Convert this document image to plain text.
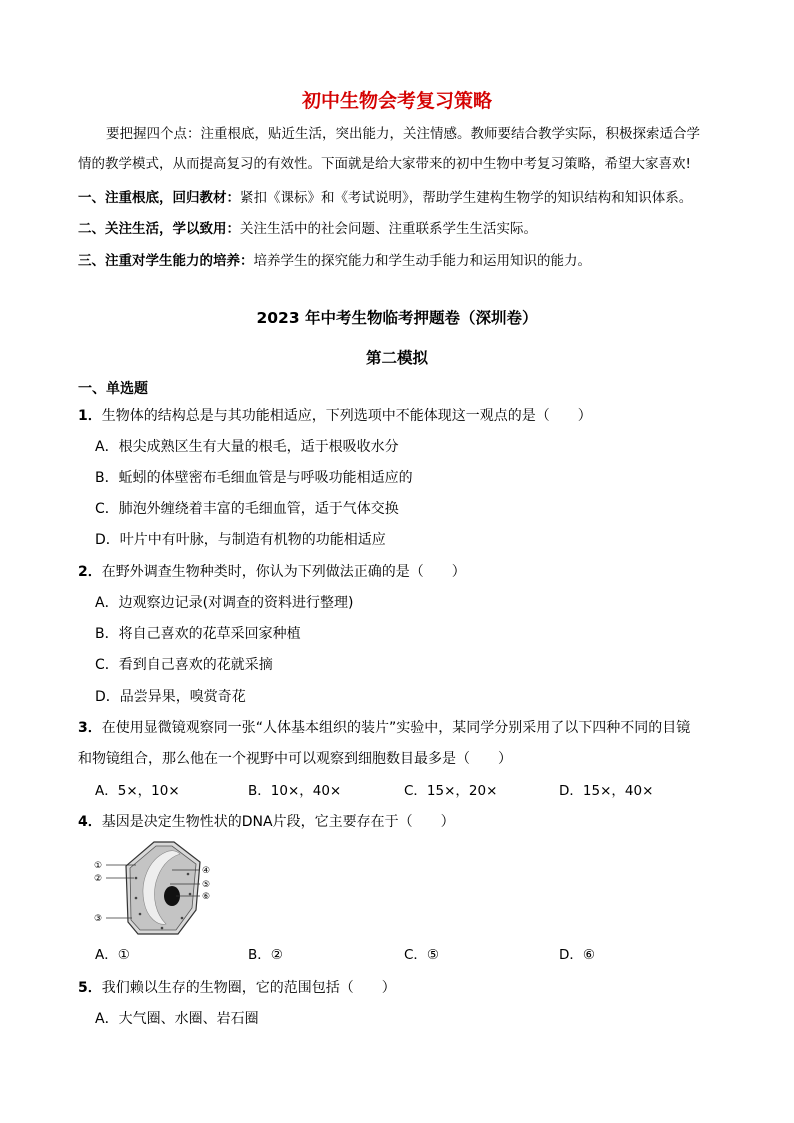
初中生物会考复习策略
要把握四个点：注重根底，贴近生活，突出能力，关注情感。教师要结合教学实际，积极探索适合学
情的教学模式，从而提高复习的有效性。下面就是给大家带来的初中生物中考复习策略，希望大家喜欢!
一、注重根底，回归教材：紧扣《课标》和《考试说明》，帮助学生建构生物学的知识结构和知识体系。
二、关注生活，学以致用：关注生活中的社会问题、注重联系学生生活实际。
三、注重对学生能力的培养：培养学生的探究能力和学生动手能力和运用知识的能力。
2023 年中考生物临考押题卷（深圳卷）
第二模拟
一、单选题
1．生物体的结构总是与其功能相适应，下列选项中不能体现这一观点的是（　　）
A．根尖成熟区生有大量的根毛，适于根吸收水分
B．蚯蚓的体壁密布毛细血管是与呼吸功能相适应的
C．肺泡外缠绕着丰富的毛细血管，适于气体交换
D．叶片中有叶脉，与制造有机物的功能相适应
2．在野外调查生物种类时，你认为下列做法正确的是（　　）
A．边观察边记录(对调查的资料进行整理)
B．将自己喜欢的花草采回家种植
C．看到自己喜欢的花就采摘
D．品尝异果，嗅赏奇花
3．在使用显微镜观察同一张“人体基本组织的装片”实验中，某同学分别采用了以下四种不同的目镜
和物镜组合，那么他在一个视野中可以观察到细胞数目最多是（　　）
A．5×，10×	B．10×，40×	C．15×，20×	D．15×，40×
4．基因是决定生物性状的DNA片段，它主要存在于（　　）
①
②
③
④
⑤
⑥
A．①	B．②	C．⑤	D．⑥
5．我们赖以生存的生物圈，它的范围包括（　　）
A．大气圈、水圈、岩石圈
